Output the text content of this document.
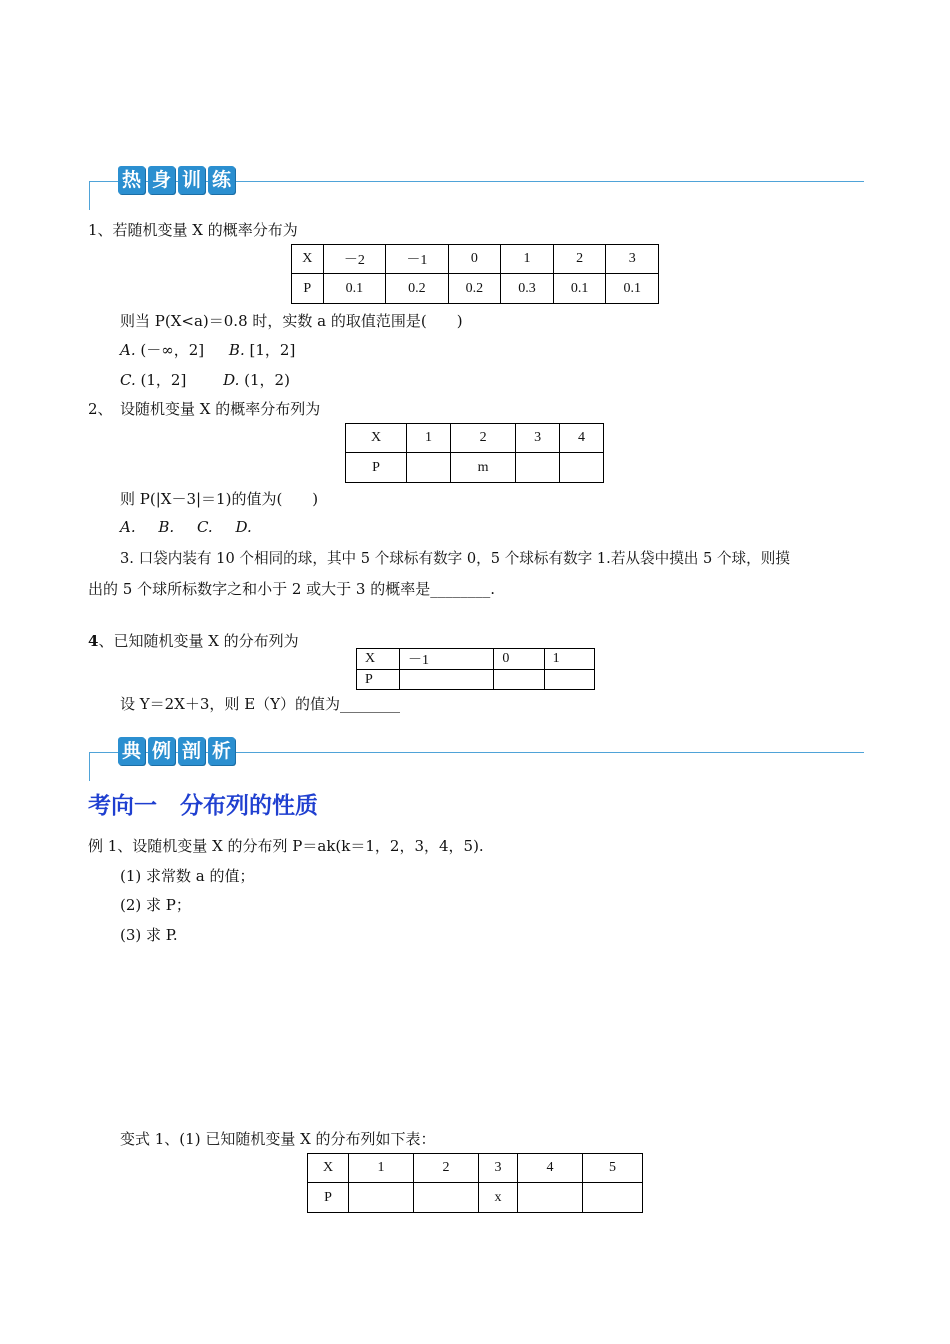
热 身 训 练
1、若随机变量 X 的概率分布为
X	－2	－1	0	1	2	3
P	0.1	0.2	0.2	0.3	0.1	0.1
则当 P(X<a)＝0.8 时，实数 a 的取值范围是(　　)
A. (－∞，2] B. [1，2]
C. (1，2] D. (1，2)
2、　设随机变量 X 的概率分布列为
X	1	2	3	4
P		m		
则 P(|X－3|＝1)的值为(　　)
A. B. C. D.
3. 口袋内装有 10 个相同的球，其中 5 个球标有数字 0，5 个球标有数字 1.若从袋中摸出 5 个球，则摸
出的 5 个球所标数字之和小于 2 或大于 3 的概率是________.
4、已知随机变量 X 的分布列为
X	－1	0	1
P			
设 Y＝2X＋3，则 E（Y）的值为________
典 例 剖 析
考向一　分布列的性质
例 1、设随机变量 X 的分布列 P＝ak(k＝1，2，3，4，5).
(1) 求常数 a 的值；
(2) 求 P；
(3) 求 P.
变式 1、(1) 已知随机变量 X 的分布列如下表：
X	1	2	3	4	5
P			x		
